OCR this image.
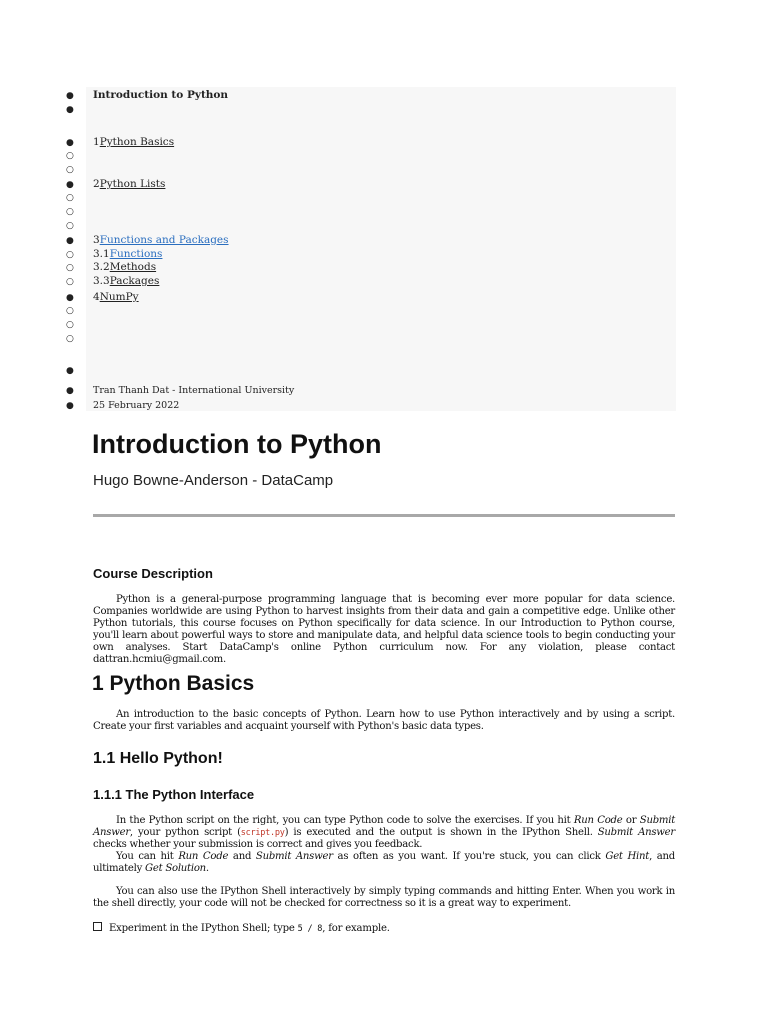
● Introduction to Python
●
● 1Python Basics
○
○
● 2Python Lists
○
○
○
● 3Functions and Packages
○ 3.1Functions
○ 3.2Methods
○ 3.3Packages
● 4NumPy
○
○
○
●
● Tran Thanh Dat - International University
● 25 February 2022
Introduction to Python

Hugo Bowne-Anderson - DataCamp

Course Description

Python is a general-purpose programming language that is becoming ever more popular for data science. Companies worldwide are using Python to harvest insights from their data and gain a competitive edge. Unlike other Python tutorials, this course focuses on Python specifically for data science. In our Introduction to Python course, you'll learn about powerful ways to store and manipulate data, and helpful data science tools to begin conducting your own analyses. Start DataCamp's online Python curriculum now. For any violation, please contact dattran.hcmiu@gmail.com.

1 Python Basics

An introduction to the basic concepts of Python. Learn how to use Python interactively and by using a script. Create your first variables and acquaint yourself with Python's basic data types.

1.1 Hello Python!
1.1.1 The Python Interface

In the Python script on the right, you can type Python code to solve the exercises. If you hit Run Code or Submit Answer, your python script (script.py) is executed and the output is shown in the IPython Shell. Submit Answer checks whether your submission is correct and gives you feedback.

You can hit Run Code and Submit Answer as often as you want. If you're stuck, you can click Get Hint, and ultimately Get Solution.

You can also use the IPython Shell interactively by simply typing commands and hitting Enter. When you work in the shell directly, your code will not be checked for correctness so it is a great way to experiment.

Experiment in the IPython Shell; type 5 / 8, for example.
